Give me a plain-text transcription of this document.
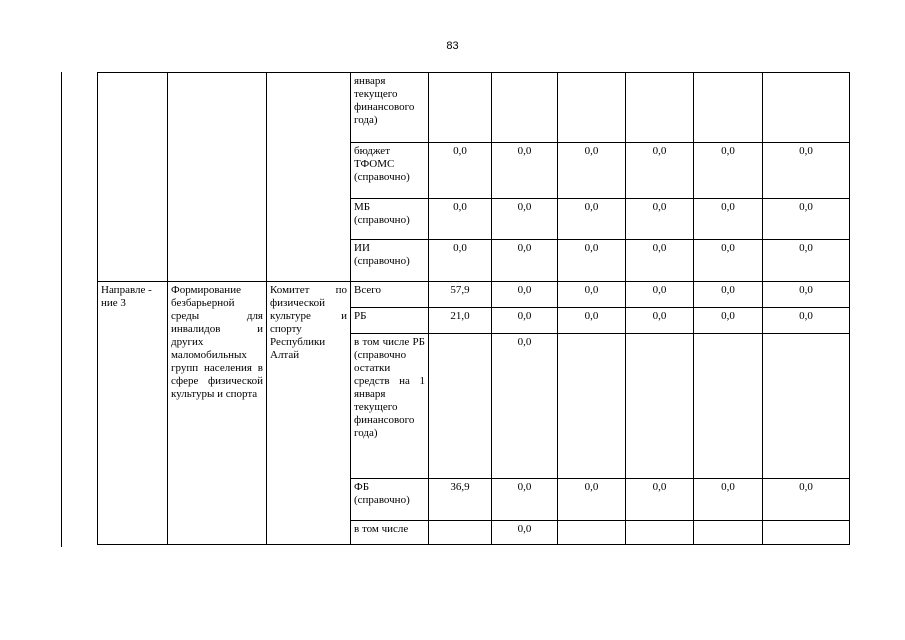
83

			января текущего финансового года)						

			бюджет ТФОМС (справочно)	0,0	0,0	0,0	0,0	0,0	0,0
			МБ (справочно)	0,0	0,0	0,0	0,0	0,0	0,0
			ИИ (справочно)	0,0	0,0	0,0	0,0	0,0	0,0
Направле - ние 3	Формирование безбарьерной среды для инвалидов и других маломобильных групп населения в сфере физической культуры и спорта	Комитет по физической культуре и спорту Республики Алтай	Всего	57,9	0,0	0,0	0,0	0,0	0,0
			РБ	21,0	0,0	0,0	0,0	0,0	0,0
			в том числе РБ (справочно остатки средств на 1 января текущего финансового года)		0,0				
			ФБ (справочно)	36,9	0,0	0,0	0,0	0,0	0,0
			в том числе		0,0				
